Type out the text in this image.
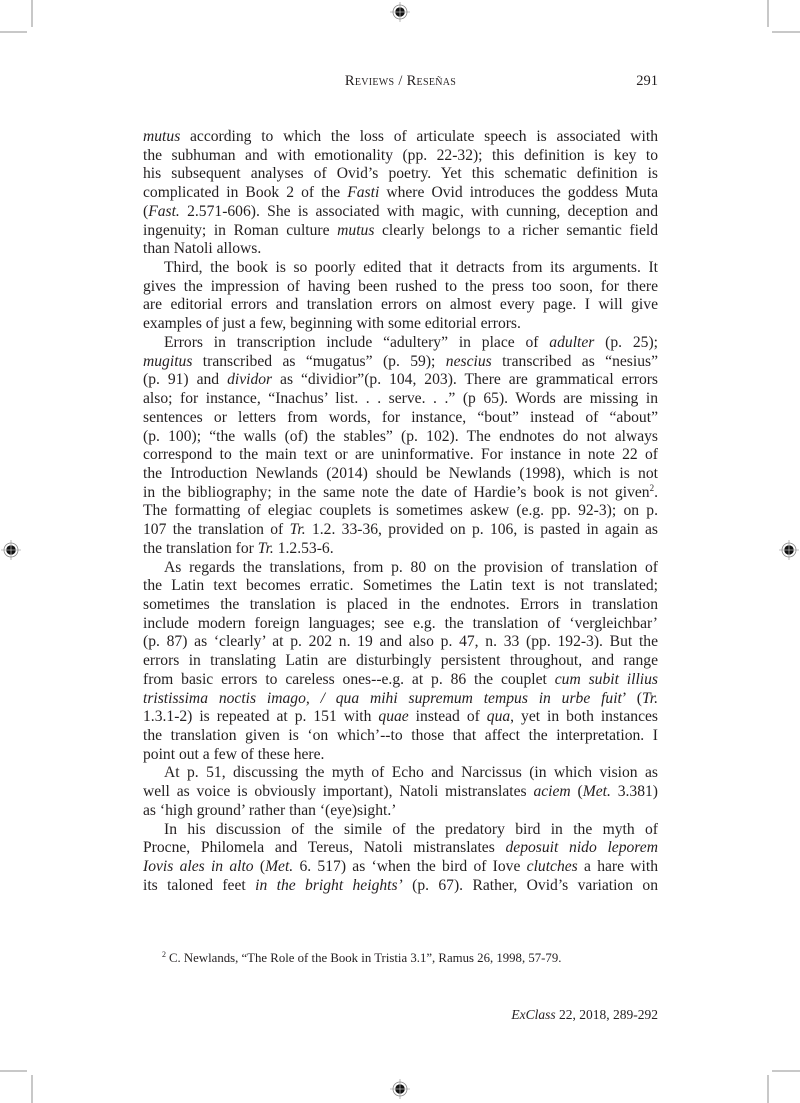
Reviews / Reseñas	291
mutus according to which the loss of articulate speech is associated with
the subhuman and with emotionality (pp. 22-32); this definition is key to
his subsequent analyses of Ovid’s poetry. Yet this schematic definition is
complicated in Book 2 of the Fasti where Ovid introduces the goddess Muta
(Fast. 2.571-606). She is associated with magic, with cunning, deception and
ingenuity; in Roman culture mutus clearly belongs to a richer semantic field
than Natoli allows.
Third, the book is so poorly edited that it detracts from its arguments. It
gives the impression of having been rushed to the press too soon, for there
are editorial errors and translation errors on almost every page. I will give
examples of just a few, beginning with some editorial errors.
Errors in transcription include “adultery” in place of adulter (p. 25);
mugitus transcribed as “mugatus” (p. 59); nescius transcribed as “nesius”
(p. 91) and dividor as “dividior”(p. 104, 203). There are grammatical errors
also; for instance, “Inachus’ list. . . serve. . .” (p 65). Words are missing in
sentences or letters from words, for instance, “bout” instead of “about”
(p. 100); “the walls (of) the stables” (p. 102). The endnotes do not always
correspond to the main text or are uninformative. For instance in note 22 of
the Introduction Newlands (2014) should be Newlands (1998), which is not
in the bibliography; in the same note the date of Hardie’s book is not given$^2$.
The formatting of elegiac couplets is sometimes askew (e.g. pp. 92-3); on p.
107 the translation of Tr. 1.2. 33-36, provided on p. 106, is pasted in again as
the translation for Tr. 1.2.53-6.
As regards the translations, from p. 80 on the provision of translation of
the Latin text becomes erratic. Sometimes the Latin text is not translated;
sometimes the translation is placed in the endnotes. Errors in translation
include modern foreign languages; see e.g. the translation of ‘vergleichbar’
(p. 87) as ‘clearly’ at p. 202 n. 19 and also p. 47, n. 33 (pp. 192-3). But the
errors in translating Latin are disturbingly persistent throughout, and range
from basic errors to careless ones--e.g. at p. 86 the couplet cum subit illius
tristissima noctis imago, / qua mihi supremum tempus in urbe fuit’ (Tr.
1.3.1-2) is repeated at p. 151 with quae instead of qua, yet in both instances
the translation given is ‘on which’--to those that affect the interpretation. I
point out a few of these here.
At p. 51, discussing the myth of Echo and Narcissus (in which vision as
well as voice is obviously important), Natoli mistranslates aciem (Met. 3.381)
as ‘high ground’ rather than ‘(eye)sight.’
In his discussion of the simile of the predatory bird in the myth of
Procne, Philomela and Tereus, Natoli mistranslates deposuit nido leporem
Iovis ales in alto (Met. 6. 517) as ‘when the bird of Iove clutches a hare with
its taloned feet in the bright heights’ (p. 67). Rather, Ovid’s variation on
$^2$ C. Newlands, “The Role of the Book in Tristia 3.1”, Ramus 26, 1998, 57-79.
ExClass 22, 2018, 289-292
